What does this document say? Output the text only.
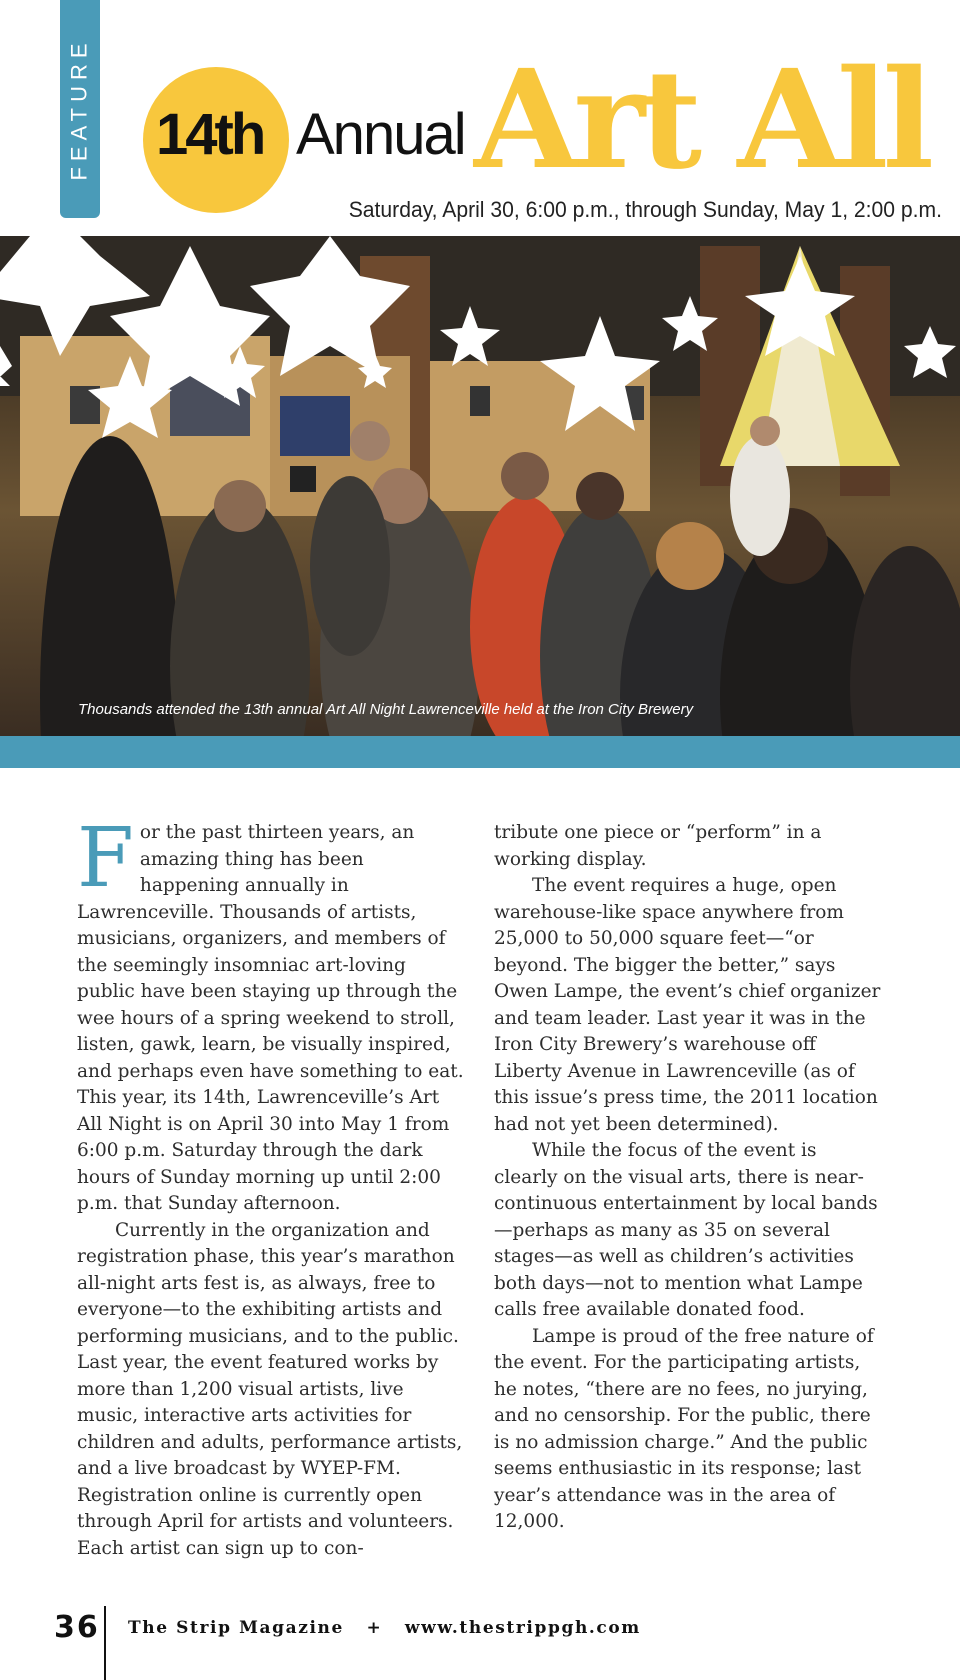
FEATURE 14th Annual Art All
Saturday, April 30, 6:00 p.m., through Sunday, May 1, 2:00 p.m.
Thousands attended the 13th annual Art All Night Lawrenceville held at the Iron City Brewery

For the past thirteen years, an amazing thing has been happening annually in Lawrenceville. Thousands of artists, musicians, organizers, and members of the seemingly insomniac art-loving public have been staying up through the wee hours of a spring weekend to stroll, listen, gawk, learn, be visually inspired, and perhaps even have something to eat. This year, its 14th, Lawrenceville’s Art All Night is on April 30 into May 1 from 6:00 p.m. Saturday through the dark hours of Sunday morning up until 2:00 p.m. that Sunday afternoon.

Currently in the organization and registration phase, this year’s marathon all-night arts fest is, as always, free to everyone—to the exhibiting artists and performing musicians, and to the public. Last year, the event featured works by more than 1,200 visual artists, live music, interactive arts activities for children and adults, performance artists, and a live broadcast by WYEP-FM. Registration online is currently open through April for artists and volunteers. Each artist can sign up to con-

tribute one piece or “perform” in a working display.

The event requires a huge, open warehouse-like space anywhere from 25,000 to 50,000 square feet—“or beyond. The bigger the better,” says Owen Lampe, the event’s chief organizer and team leader. Last year it was in the Iron City Brewery’s warehouse off Liberty Avenue in Lawrenceville (as of this issue’s press time, the 2011 location had not yet been determined).

While the focus of the event is clearly on the visual arts, there is near-continuous entertainment by local bands—perhaps as many as 35 on several stages—as well as children’s activities both days—not to mention what Lampe calls free available donated food.

Lampe is proud of the free nature of the event. For the participating artists, he notes, “there are no fees, no jurying, and no censorship. For the public, there is no admission charge.” And the public seems enthusiastic in its response; last year’s attendance was in the area of 12,000.

36 The Strip Magazine + www.thestrippgh.com
